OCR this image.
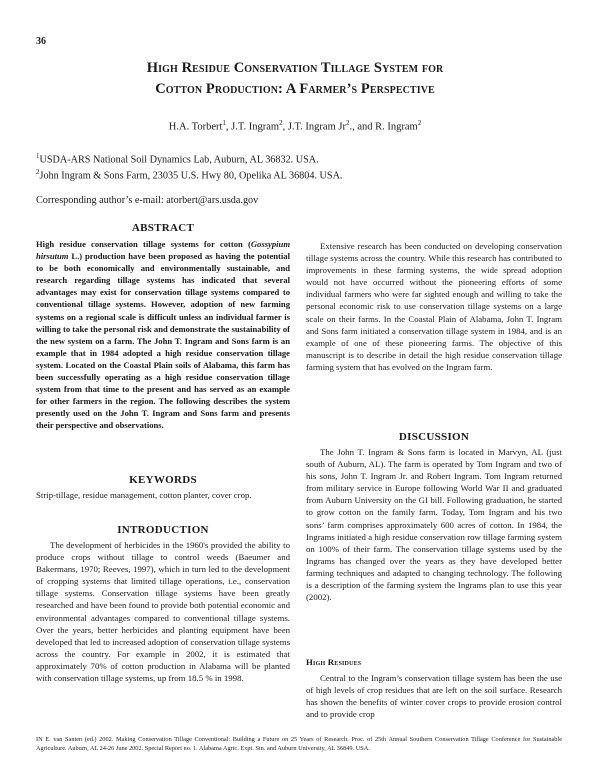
36
High Residue Conservation Tillage System for
Cotton Production: A Farmer’s Perspective
H.A. Torbert$^1$, J.T. Ingram$^2$, J.T. Ingram Jr$^2$., and R. Ingram$^2$
$^1$USDA-ARS National Soil Dynamics Lab, Auburn, AL 36832. USA.
$^2$John Ingram & Sons Farm, 23035 U.S. Hwy 80, Opelika AL 36804. USA.
Corresponding author’s e-mail: atorbert@ars.usda.gov
ABSTRACT
High residue conservation tillage systems for cotton (Gossypium hirsutum L.) production have been proposed as having the potential to be both economically and environmentally sustainable, and research regarding tillage systems has indicated that several advantages may exist for conservation tillage systems compared to conventional tillage systems. However, adoption of new farming systems on a regional scale is difficult unless an individual farmer is willing to take the personal risk and demonstrate the sustainability of the new system on a farm. The John T. Ingram and Sons farm is an example that in 1984 adopted a high residue conservation tillage system. Located on the Coastal Plain soils of Alabama, this farm has been successfully operating as a high residue conservation tillage system from that time to the present and has served as an example for other farmers in the region. The following describes the system presently used on the John T. Ingram and Sons farm and presents their perspective and observations.
KEYWORDS
Strip-tillage, residue management, cotton planter, cover crop.
INTRODUCTION
The development of herbicides in the 1960's provided the ability to produce crops without tillage to control weeds (Baeumer and Bakermans, 1970; Reeves, 1997), which in turn led to the development of cropping systems that limited tillage operations, i.e., conservation tillage systems. Conservation tillage systems have been greatly researched and have been found to provide both potential economic and environmental advantages compared to conventional tillage systems. Over the years, better herbicides and planting equipment have been developed that led to increased adoption of conservation tillage systems across the country. For example in 2002, it is estimated that approximately 70% of cotton production in Alabama will be planted with conservation tillage systems, up from 18.5 % in 1998.
Extensive research has been conducted on developing conservation tillage systems across the country. While this research has contributed to improvements in these farming systems, the wide spread adoption would not have occurred without the pioneering efforts of some individual farmers who were far sighted enough and willing to take the personal economic risk to use conservation tillage systems on a large scale on their farms. In the Coastal Plain of Alabama, John T. Ingram and Sons farm initiated a conservation tillage system in 1984, and is an example of one of these pioneering farms. The objective of this manuscript is to describe in detail the high residue conservation tillage farming system that has evolved on the Ingram farm.
DISCUSSION
The John T. Ingram & Sons farm is located in Marvyn, AL (just south of Auburn, AL). The farm is operated by Tom Ingram and two of his sons, John T. Ingram Jr. and Robert Ingram. Tom Ingram returned from military service in Europe following World War II and graduated from Auburn University on the GI bill. Following graduation, he started to grow cotton on the family farm. Today, Tom Ingram and his two sons’ farm comprises approximately 600 acres of cotton. In 1984, the Ingrams initiated a high residue conservation row tillage farming system on 100% of their farm. The conservation tillage systems used by the Ingrams has changed over the years as they have developed better farming techniques and adapted to changing technology. The following is a description of the farming system the Ingrams plan to use this year (2002).
High Residues
Central to the Ingram’s conservation tillage system has been the use of high levels of crop residues that are left on the soil surface. Research has shown the benefits of winter cover crops to provide erosion control and to provide crop
IN E. van Santen (ed.) 2002. Making Conservation Tillage Conventional: Building a Future on 25 Years of Research. Proc. of 25th Annual Southern Conservation Tillage Conference for Sustainable Agriculture. Auburn, AL 24-26 June 2002. Special Report no. 1. Alabama Agric. Expt. Stn. and Auburn University, AL 36849. USA.
